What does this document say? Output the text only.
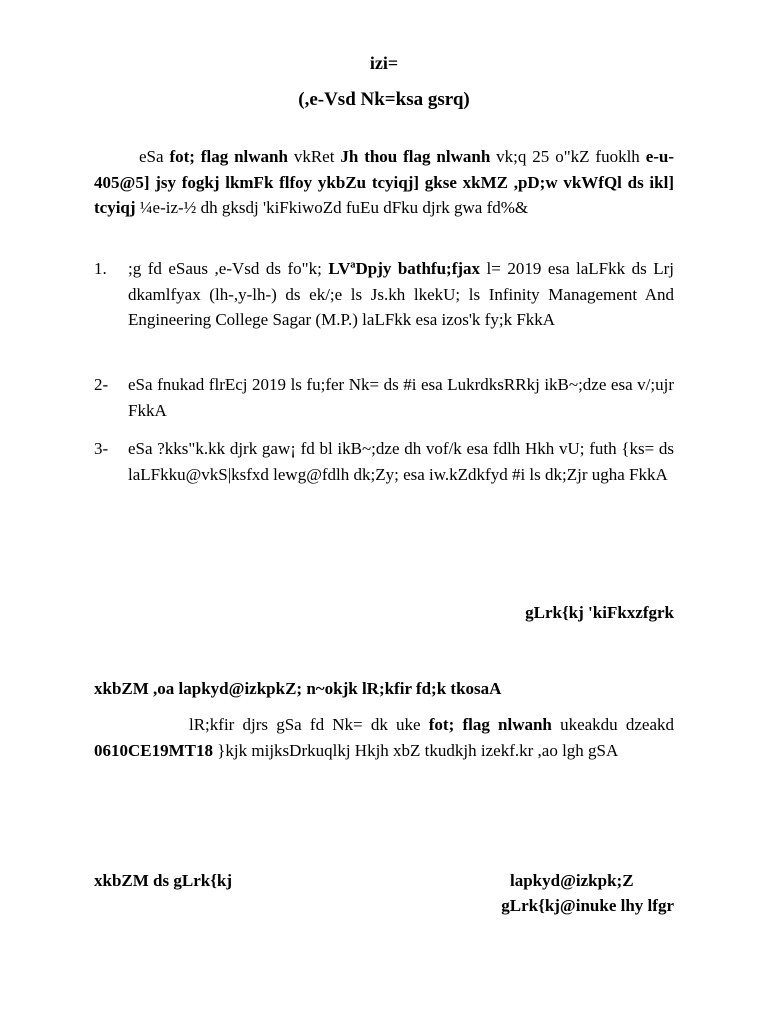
izi=
(,e-Vsd Nk=ksa gsrq)
eSa fot; flag nlwanh vkRet Jh thou flag nlwanh vk;q 25 o"kZ fuoklh e-u- 405@5] jsy fogkj lkmFk flfoy ykbZu tcyiqj] gkse xkMZ ,pD;w vkWfQl ds ikl] tcyiqj ¼e-iz-½ dh gksdj 'kiFkiwoZd fuEu dFku djrk gwa fd%&
1.	;g fd eSaus ,e-Vsd ds fo"k; LVªDpjy bathfu;fjax l= 2019 esa laLFkk ds Lrj dkamlfyax (lh-,y-lh-) ds ek/;e ls Js.kh lkekU; ls Infinity Management And Engineering College Sagar (M.P.) laLFkk esa izos'k fy;k FkkA
2-	eSa fnukad flrEcj 2019 ls fu;fer Nk= ds #i esa LukrdksRRkj ikB~;dze esa v/;ujr FkkA
3-	eSa ?kks"k.kk djrk gaw¡ fd bl ikB~;dze dh vof/k esa fdlh Hkh vU; futh {ks= ds laLFkku@vkS|ksfxd lewg@fdlh dk;Zy; esa iw.kZdkfyd #i ls dk;Zjr ugha FkkA
gLrk{kj 'kiFkxzfgrk
xkbZM ,oa lapkyd@izkpkZ; n~okjk lR;kfir fd;k tkosaA
lR;kfir djrs gSa fd Nk= dk uke fot; flag nlwanh ukeakdu dzeakd 0610CE19MT18 }kjk mijksDrkuqlkj Hkjh xbZ tkudkjh izekf.kr ,ao lgh gSA
xkbZM ds gLrk{kj	lapkyd@izkpk;Z
gLrk{kj@inuke lhy lfgr
